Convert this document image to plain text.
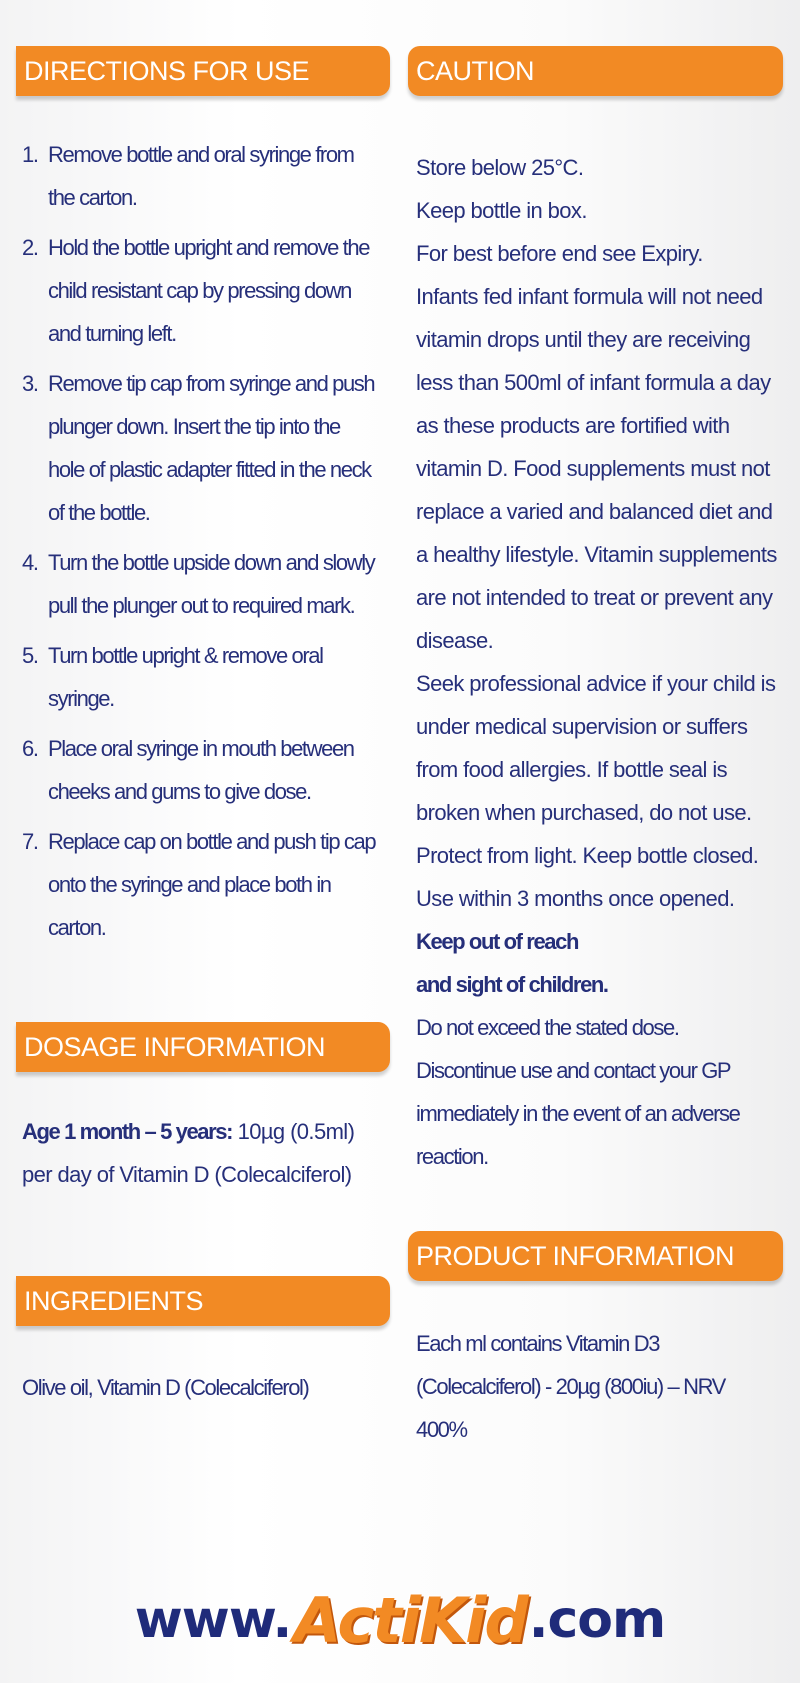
DIRECTIONS FOR USE
1. Remove bottle and oral syringe from the carton.
2. Hold the bottle upright and remove the child resistant cap by pressing down and turning left.
3. Remove tip cap from syringe and push plunger down. Insert the tip into the hole of plastic adapter fitted in the neck of the bottle.
4. Turn the bottle upside down and slowly pull the plunger out to required mark.
5. Turn bottle upright & remove oral syringe.
6. Place oral syringe in mouth between cheeks and gums to give dose.
7. Replace cap on bottle and push tip cap onto the syringe and place both in carton.
DOSAGE INFORMATION
Age 1 month – 5 years: 10µg (0.5ml) per day of Vitamin D (Colecalciferol)
INGREDIENTS
Olive oil, Vitamin D (Colecalciferol)
CAUTION
Store below 25°C.
Keep bottle in box.
For best before end see Expiry.
Infants fed infant formula will not need vitamin drops until they are receiving less than 500ml of infant formula a day as these products are fortified with vitamin D. Food supplements must not replace a varied and balanced diet and a healthy lifestyle. Vitamin supplements are not intended to treat or prevent any disease.
Seek professional advice if your child is under medical supervision or suffers from food allergies. If bottle seal is broken when purchased, do not use. Protect from light. Keep bottle closed. Use within 3 months once opened.
Keep out of reach
and sight of children.
Do not exceed the stated dose. Discontinue use and contact your GP immediately in the event of an adverse reaction.
PRODUCT INFORMATION
Each ml contains Vitamin D3 (Colecalciferol) - 20µg (800iu) – NRV 400%
www. ActiKid .com
